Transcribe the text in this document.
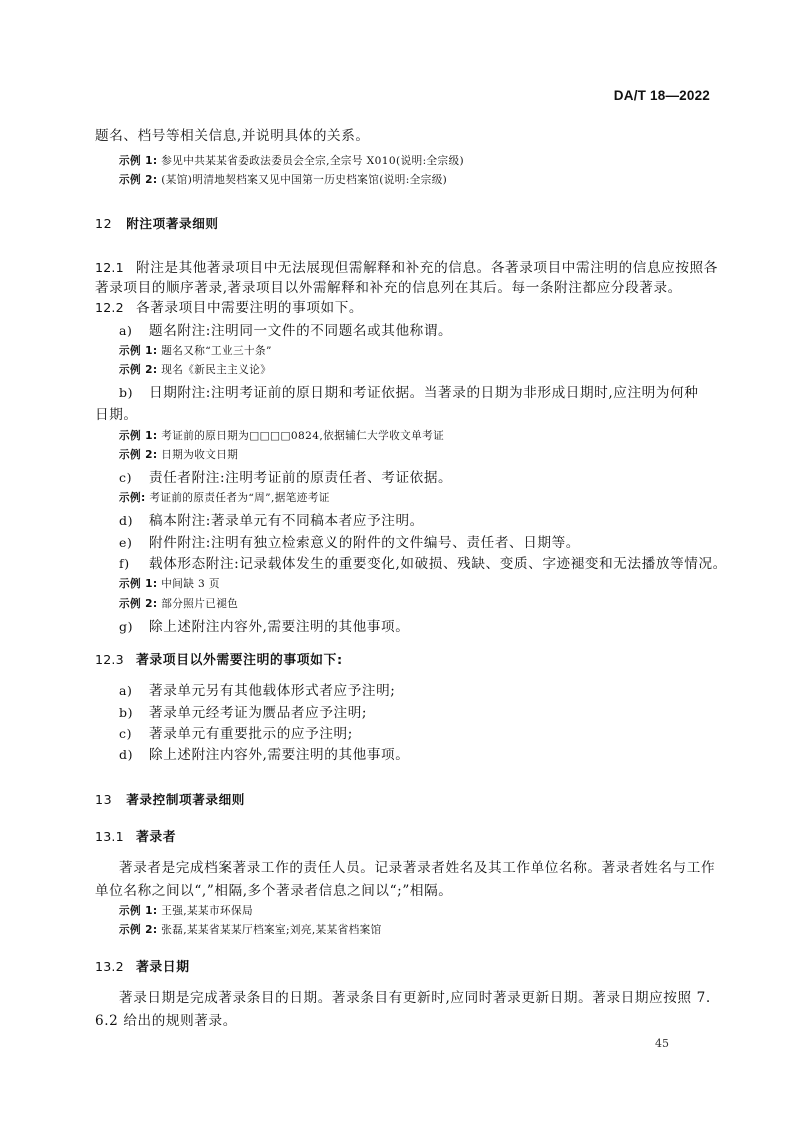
DA/T 18—2022
题名、档号等相关信息,并说明具体的关系。
示例 1: 参见中共某某省委政法委员会全宗,全宗号 X010(说明:全宗级)
示例 2: (某馆)明清地契档案又见中国第一历史档案馆(说明:全宗级)
12 附注项著录细则
12.1 附注是其他著录项目中无法展现但需解释和补充的信息。各著录项目中需注明的信息应按照各
著录项目的顺序著录,著录项目以外需解释和补充的信息列在其后。每一条附注都应分段著录。
12.2 各著录项目中需要注明的事项如下。
a) 题名附注:注明同一文件的不同题名或其他称谓。
示例 1: 题名又称“工业三十条”
示例 2: 现名《新民主主义论》
b) 日期附注:注明考证前的原日期和考证依据。当著录的日期为非形成日期时,应注明为何种
日期。
示例 1: 考证前的原日期为□□□□0824,依据辅仁大学收文单考证
示例 2: 日期为收文日期
c) 责任者附注:注明考证前的原责任者、考证依据。
示例: 考证前的原责任者为“周”,据笔迹考证
d) 稿本附注:著录单元有不同稿本者应予注明。
e) 附件附注:注明有独立检索意义的附件的文件编号、责任者、日期等。
f) 载体形态附注:记录载体发生的重要变化,如破损、残缺、变质、字迹褪变和无法播放等情况。
示例 1: 中间缺 3 页
示例 2: 部分照片已褪色
g) 除上述附注内容外,需要注明的其他事项。
12.3 著录项目以外需要注明的事项如下:
a) 著录单元另有其他载体形式者应予注明;
b) 著录单元经考证为赝品者应予注明;
c) 著录单元有重要批示的应予注明;
d) 除上述附注内容外,需要注明的其他事项。
13 著录控制项著录细则
13.1 著录者
著录者是完成档案著录工作的责任人员。记录著录者姓名及其工作单位名称。著录者姓名与工作
单位名称之间以“,”相隔,多个著录者信息之间以“;”相隔。
示例 1: 王强,某某市环保局
示例 2: 张磊,某某省某某厅档案室;刘亮,某某省档案馆
13.2 著录日期
著录日期是完成著录条目的日期。著录条目有更新时,应同时著录更新日期。著录日期应按照 7.
6.2 给出的规则著录。
45
